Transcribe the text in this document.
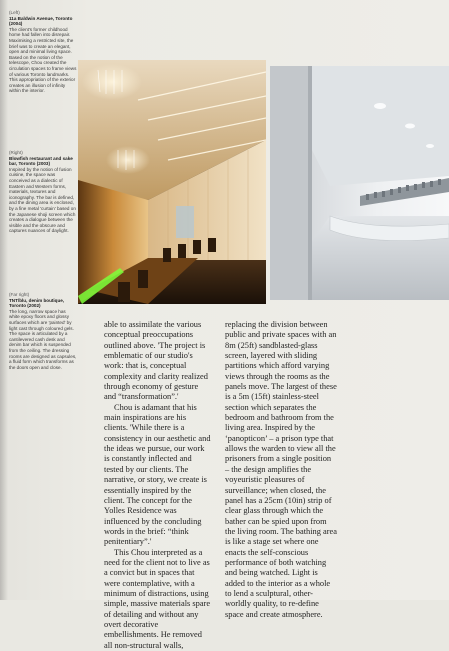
(Left)
11a Baldwin Avenue, Toronto (2004)
The client's former childhood home had fallen into disrepair. Maximising a restricted site, the brief was to create an elegant, open and minimal living space. Based on the notion of the telescope, Chou created the circulation spaces to frame views of various Toronto landmarks. This appropriation of the exterior creates an illusion of infinity within the interior.
(Right)
Blowfish restaurant and sake bar, Toronto (2003)
Inspired by the notion of fusion cuisine, the space was conceived as a dialectic of Eastern and Western forms, materials, textures and iconography. The bar is defined, and the dining area is enclosed, by a fine metal 'curtain' based on the Japanese shoji screen which creates a dialogue between the visible and the obscure and captures nuances of daylight.
(Far right)
TNT/blu, denim boutique, Toronto (2002)
The long, narrow space has white epoxy floors and glossy surfaces which are 'painted' by light cast through coloured gels. The space is articulated by a cantilevered cash desk and denim bar which is suspended from the ceiling. The dressing rooms are designed as capsules, a fluid form which transforms as the doors open and close.

able to assimilate the various conceptual preoccupations outlined above. 'The project is emblematic of our studio's work: that is, conceptual complexity and clarity realized through economy of gesture and “transformation”.'

Chou is adamant that his main inspirations are his clients. 'While there is a consistency in our aesthetic and the ideas we pursue, our work is constantly inflected and tested by our clients. The narrative, or story, we create is essentially inspired by the client. The concept for the Yolles Residence was influenced by the concluding words in the brief: “think penitentiary”.'

This Chou interpreted as a need for the client not to live as a convict but in spaces that were contemplative, with a minimum of distractions, using simple, massive materials spare of detailing and without any overt decorative embellishments. He removed all non-structural walls,

replacing the division between public and private spaces with an 8m (25ft) sandblasted-glass screen, layered with sliding partitions which afford varying views through the rooms as the panels move. The largest of these is a 5m (15ft) stainless-steel section which separates the bedroom and bathroom from the living area. Inspired by the ‘panopticon’ – a prison type that allows the warden to view all the prisoners from a single position – the design amplifies the voyeuristic pleasures of surveillance; when closed, the panel has a 25cm (10in) strip of clear glass through which the bather can be spied upon from the living room. The bathing area is like a stage set where one enacts the self-conscious performance of both watching and being watched. Light is added to the interior as a whole to lend a sculptural, other-worldly quality, to re-define space and create atmosphere.
